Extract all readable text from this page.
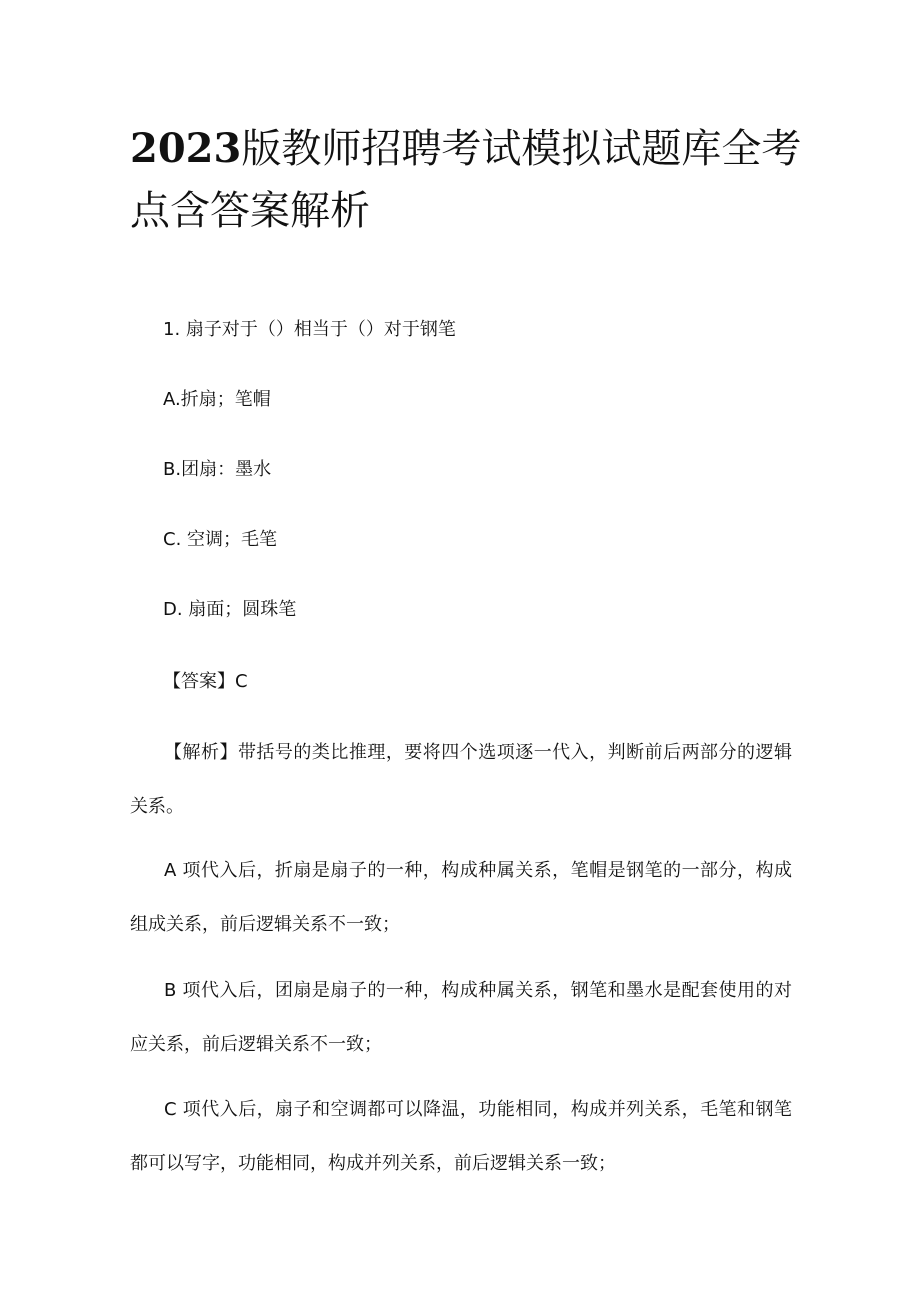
2023版教师招聘考试模拟试题库全考点含答案解析

1. 扇子对于（）相当于（）对于钢笔

A.折扇；笔帽

B.团扇：墨水

C. 空调；毛笔

D. 扇面；圆珠笔

【答案】C

【解析】带括号的类比推理，要将四个选项逐一代入，判断前后两部分的逻辑关系。

A 项代入后，折扇是扇子的一种，构成种属关系，笔帽是钢笔的一部分，构成组成关系，前后逻辑关系不一致；

B 项代入后，团扇是扇子的一种，构成种属关系，钢笔和墨水是配套使用的对应关系，前后逻辑关系不一致；

C 项代入后，扇子和空调都可以降温，功能相同，构成并列关系，毛笔和钢笔都可以写字，功能相同，构成并列关系，前后逻辑关系一致；
